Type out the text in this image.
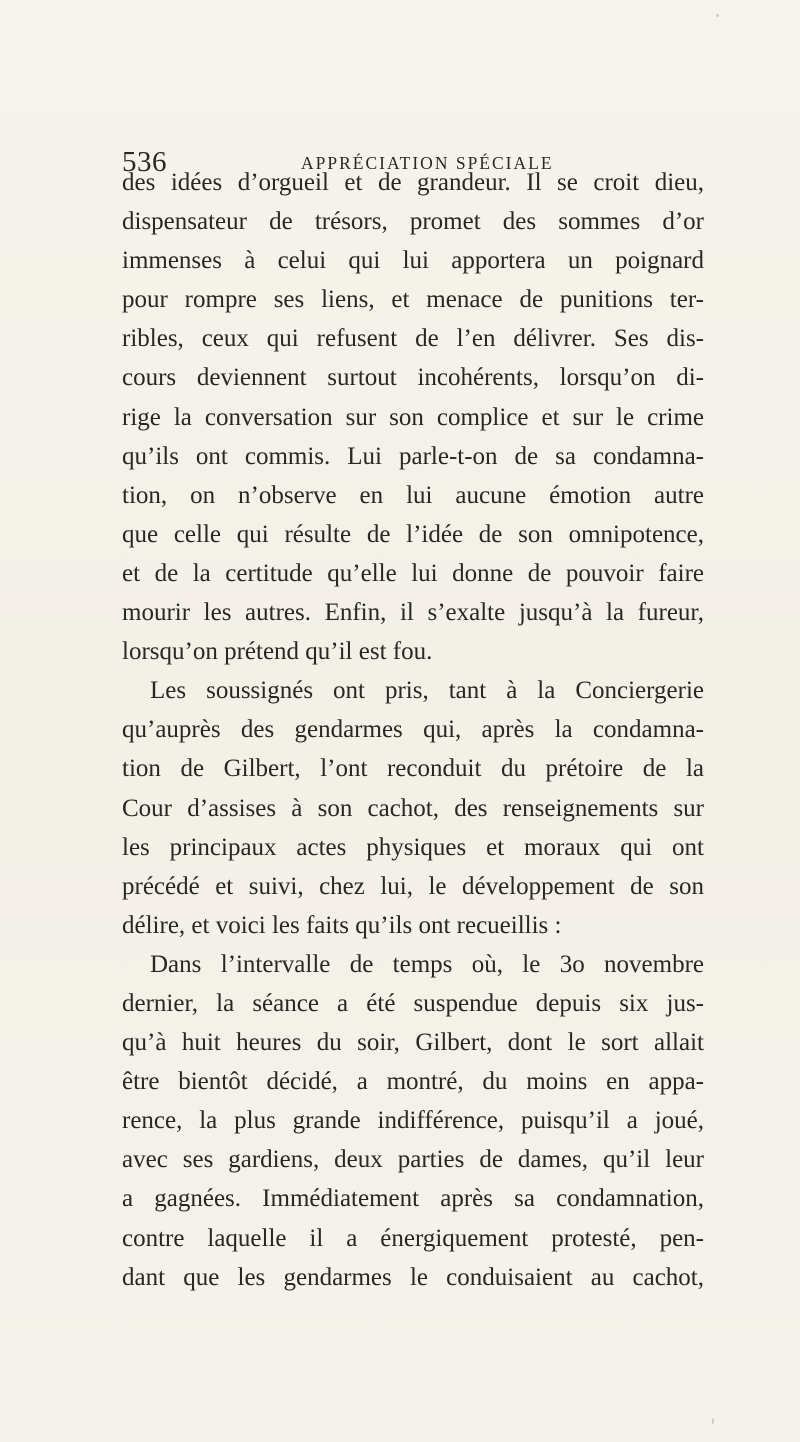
536	APPRÉCIATION SPÉCIALE
des idées d’orgueil et de grandeur. Il se croit dieu,
dispensateur de trésors, promet des sommes d’or
immenses à celui qui lui apportera un poignard
pour rompre ses liens, et menace de punitions ter-
ribles, ceux qui refusent de l’en délivrer. Ses dis-
cours deviennent surtout incohérents, lorsqu’on di-
rige la conversation sur son complice et sur le crime
qu’ils ont commis. Lui parle-t-on de sa condamna-
tion, on n’observe en lui aucune émotion autre
que celle qui résulte de l’idée de son omnipotence,
et de la certitude qu’elle lui donne de pouvoir faire
mourir les autres. Enfin, il s’exalte jusqu’à la fureur,
lorsqu’on prétend qu’il est fou.
Les soussignés ont pris, tant à la Conciergerie
qu’auprès des gendarmes qui, après la condamna-
tion de Gilbert, l’ont reconduit du prétoire de la
Cour d’assises à son cachot, des renseignements sur
les principaux actes physiques et moraux qui ont
précédé et suivi, chez lui, le développement de son
délire, et voici les faits qu’ils ont recueillis :
Dans l’intervalle de temps où, le 3o novembre
dernier, la séance a été suspendue depuis six jus-
qu’à huit heures du soir, Gilbert, dont le sort allait
être bientôt décidé, a montré, du moins en appa-
rence, la plus grande indifférence, puisqu’il a joué,
avec ses gardiens, deux parties de dames, qu’il leur
a gagnées. Immédiatement après sa condamnation,
contre laquelle il a énergiquement protesté, pen-
dant que les gendarmes le conduisaient au cachot,
